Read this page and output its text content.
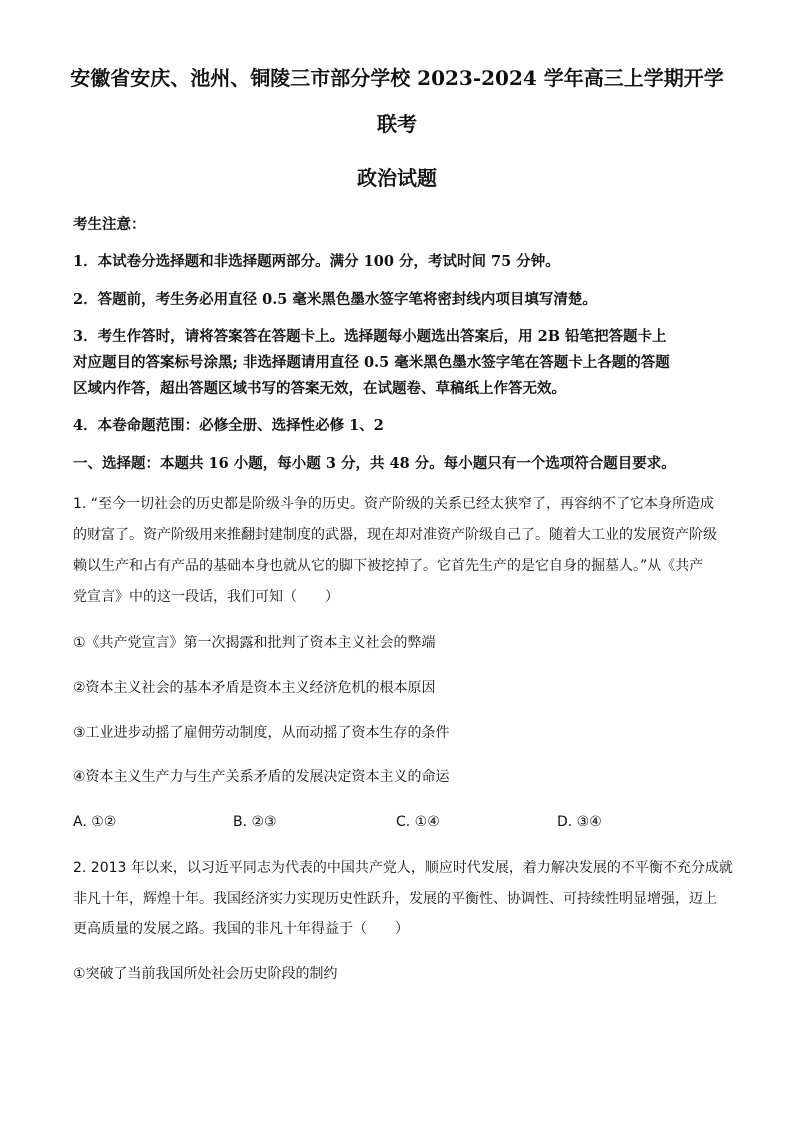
安徽省安庆、池州、铜陵三市部分学校 2023-2024 学年高三上学期开学
联考
政治试题
考生注意：
1．本试卷分选择题和非选择题两部分。满分 100 分，考试时间 75 分钟。
2．答题前，考生务必用直径 0.5 毫米黑色墨水签字笔将密封线内项目填写清楚。
3．考生作答时，请将答案答在答题卡上。选择题每小题选出答案后，用 2B 铅笔把答题卡上
对应题目的答案标号涂黑; 非选择题请用直径 0.5 毫米黑色墨水签字笔在答题卡上各题的答题
区域内作答，超出答题区域书写的答案无效，在试题卷、草稿纸上作答无效。
4．本卷命题范围：必修全册、选择性必修 1、2
一、选择题：本题共 16 小题，每小题 3 分，共 48 分。每小题只有一个选项符合题目要求。
1. “至今一切社会的历史都是阶级斗争的历史。资产阶级的关系已经太狭窄了，再容纳不了它本身所造成
的财富了。资产阶级用来推翻封建制度的武器，现在却对准资产阶级自己了。随着大工业的发展资产阶级
赖以生产和占有产品的基础本身也就从它的脚下被挖掉了。它首先生产的是它自身的掘墓人。”从《共产
党宣言》中的这一段话，我们可知（　　）
①《共产党宣言》第一次揭露和批判了资本主义社会的弊端
②资本主义社会的基本矛盾是资本主义经济危机的根本原因
③工业进步动摇了雇佣劳动制度，从而动摇了资本生存的条件
④资本主义生产力与生产关系矛盾的发展决定资本主义的命运
A. ①②	B. ②③	C. ①④	D. ③④
2. 2013 年以来，以习近平同志为代表的中国共产党人，顺应时代发展，着力解决发展的不平衡不充分成就
非凡十年，辉煌十年。我国经济实力实现历史性跃升，发展的平衡性、协调性、可持续性明显增强，迈上
更高质量的发展之路。我国的非凡十年得益于（　　）
①突破了当前我国所处社会历史阶段的制约
